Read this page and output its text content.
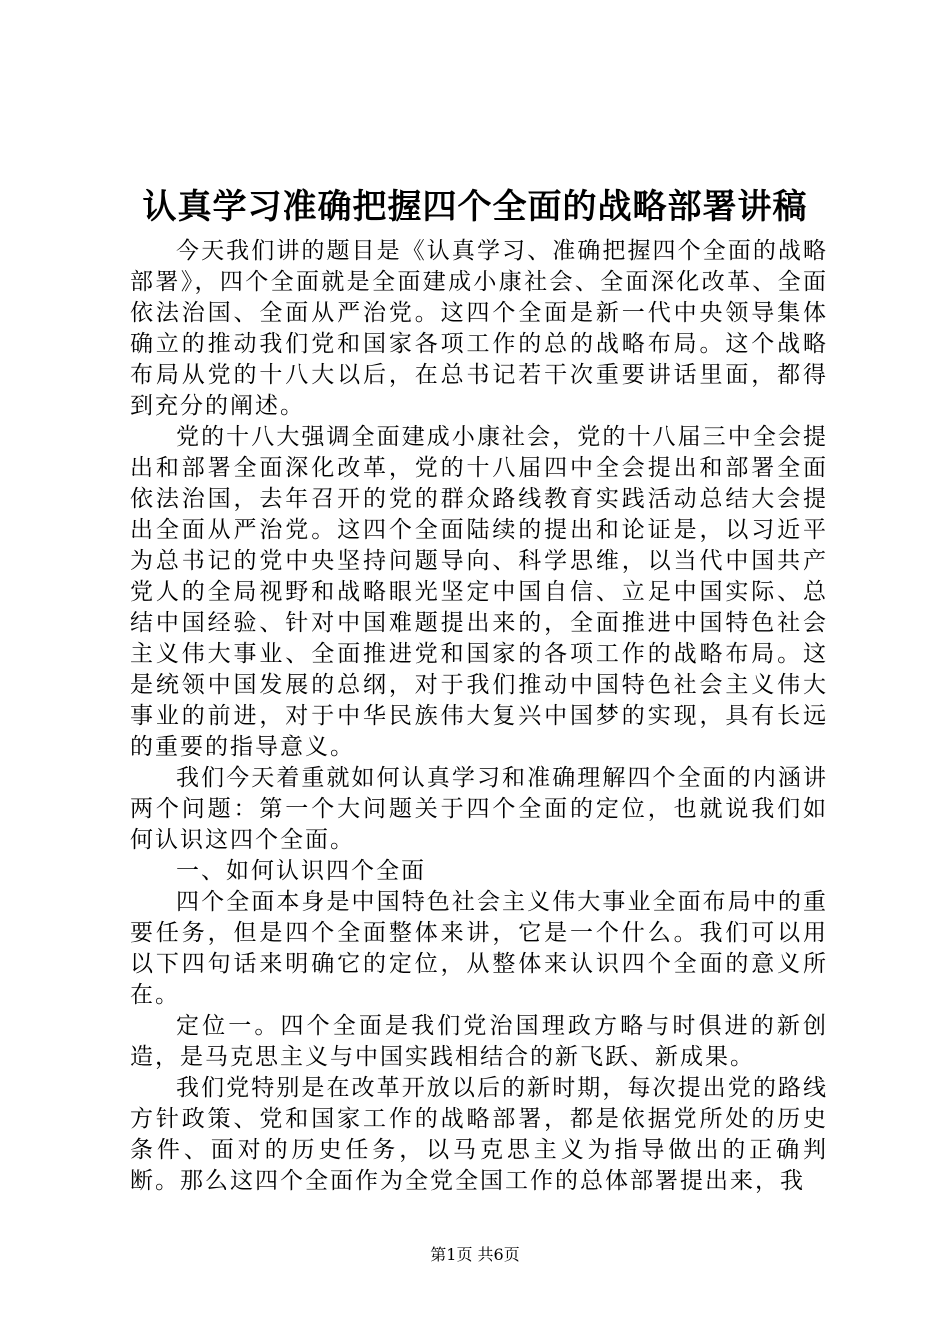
认真学习准确把握四个全面的战略部署讲稿

今天我们讲的题目是《认真学习、准确把握四个全面的战略部署》，四个全面就是全面建成小康社会、全面深化改革、全面依法治国、全面从严治党。这四个全面是新一代中央领导集体确立的推动我们党和国家各项工作的总的战略布局。这个战略布局从党的十八大以后，在总书记若干次重要讲话里面，都得到充分的阐述。

党的十八大强调全面建成小康社会，党的十八届三中全会提出和部署全面深化改革，党的十八届四中全会提出和部署全面依法治国，去年召开的党的群众路线教育实践活动总结大会提出全面从严治党。这四个全面陆续的提出和论证是，以习近平为总书记的党中央坚持问题导向、科学思维，以当代中国共产党人的全局视野和战略眼光坚定中国自信、立足中国实际、总结中国经验、针对中国难题提出来的，全面推进中国特色社会主义伟大事业、全面推进党和国家的各项工作的战略布局。这是统领中国发展的总纲，对于我们推动中国特色社会主义伟大事业的前进，对于中华民族伟大复兴中国梦的实现，具有长远的重要的指导意义。

我们今天着重就如何认真学习和准确理解四个全面的内涵讲两个问题：第一个大问题关于四个全面的定位，也就说我们如何认识这四个全面。

一、如何认识四个全面

四个全面本身是中国特色社会主义伟大事业全面布局中的重要任务，但是四个全面整体来讲，它是一个什么。我们可以用以下四句话来明确它的定位，从整体来认识四个全面的意义所在。

定位一。四个全面是我们党治国理政方略与时俱进的新创造，是马克思主义与中国实践相结合的新飞跃、新成果。

我们党特别是在改革开放以后的新时期，每次提出党的路线方针政策、党和国家工作的战略部署，都是依据党所处的历史条件、面对的历史任务，以马克思主义为指导做出的正确判断。那么这四个全面作为全党全国工作的总体部署提出来，我

第1页 共6页
